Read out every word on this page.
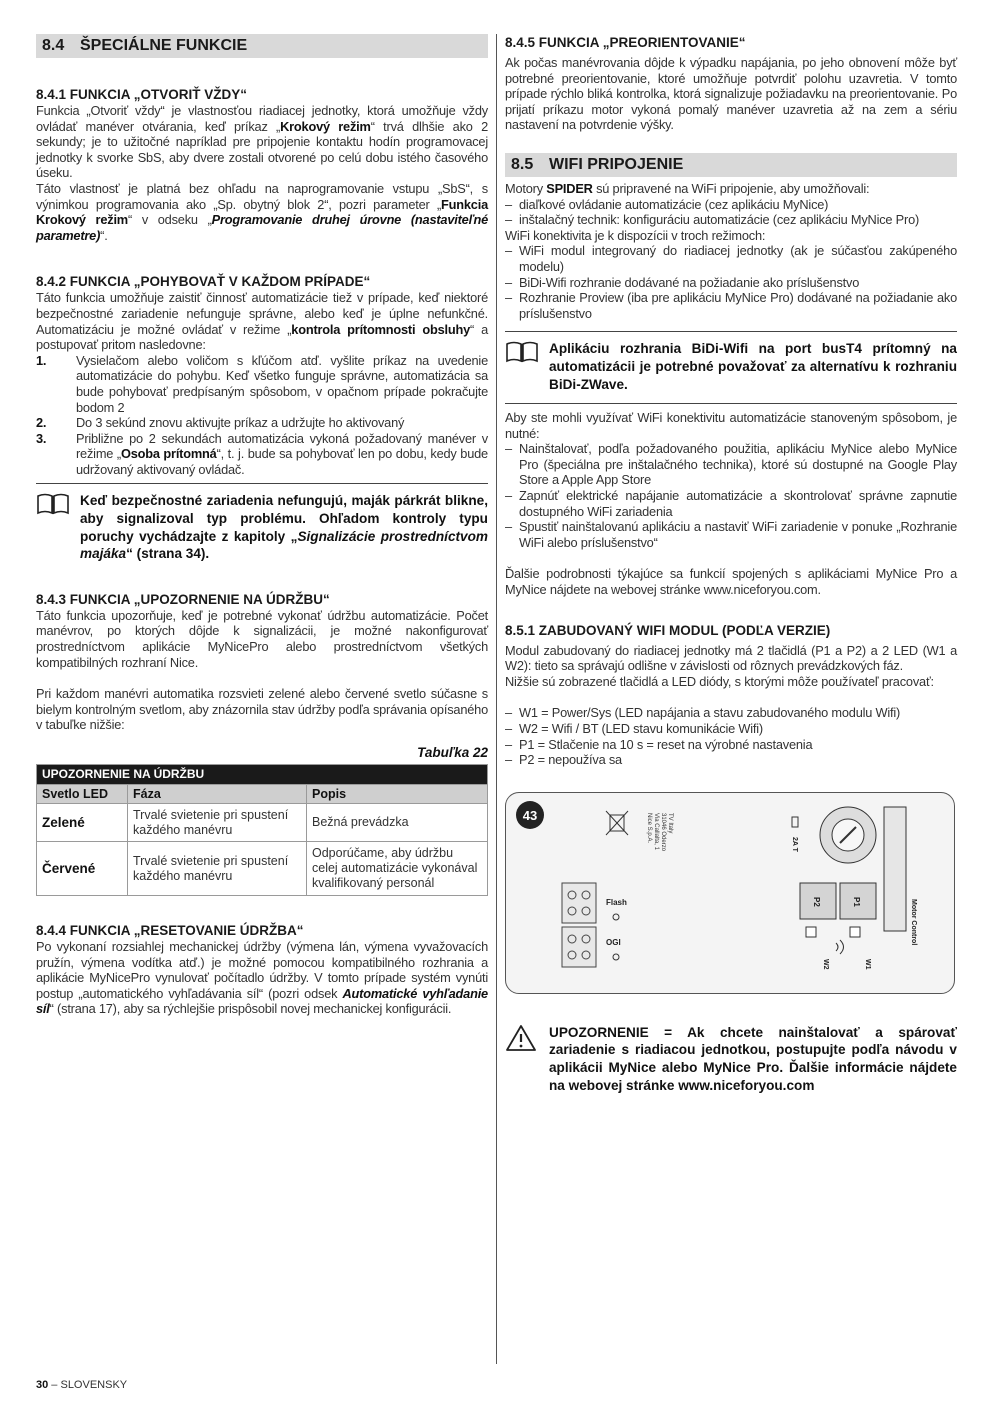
8.4 ŠPECIÁLNE FUNKCIE
8.4.1 FUNKCIA „OTVORIŤ VŽDY“

Funkcia „Otvoriť vždy“ je vlastnosťou riadiacej jednotky, ktorá umožňuje vždy ovládať manéver otvárania, keď príkaz „Krokový režim“ trvá dlhšie ako 2 sekundy; je to užitočné napríklad pre pripojenie kontaktu hodín programovacej jednotky k svorke SbS, aby dvere zostali otvorené po celú dobu istého časového úseku.

Táto vlastnosť je platná bez ohľadu na naprogramovanie vstupu „SbS“, s výnimkou programovania ako „Sp. obytný blok 2“, pozri parameter „Funkcia Krokový režim“ v odseku „Programovanie druhej úrovne (nastaviteľné parametre)“.

8.4.2 FUNKCIA „POHYBOVAŤ V KAŽDOM PRÍPADE“

Táto funkcia umožňuje zaistiť činnosť automatizácie tiež v prípade, keď niektoré bezpečnostné zariadenie nefunguje správne, alebo keď je úplne nefunkčné. Automatizáciu je možné ovládať v režime „kontrola prítomnosti obsluhy“ a postupovať pritom nasledovne:

1.	Vysielačom alebo voličom s kľúčom atď. vyšlite príkaz na uvedenie automatizácie do pohybu. Keď všetko funguje správne, automatizácia sa bude pohybovať predpísaným spôsobom, v opačnom prípade pokračujte bodom 2
2.	Do 3 sekúnd znovu aktivujte príkaz a udržujte ho aktivovaný
3.	Približne po 2 sekundách automatizácia vykoná požadovaný manéver v režime „Osoba prítomná“, t. j. bude sa pohybovať len po dobu, kedy bude udržovaný aktivovaný ovládač.
Keď bezpečnostné zariadenia nefungujú, maják párkrát blikne, aby signalizoval typ problému. Ohľadom kontroly typu poruchy vychádzajte z kapitoly „Signalizácie prostredníctvom majáka“ (strana 34).
8.4.3 FUNKCIA „UPOZORNENIE NA ÚDRŽBU“

Táto funkcia upozorňuje, keď je potrebné vykonať údržbu automatizácie. Počet manévrov, po ktorých dôjde k signalizácii, je možné nakonfigurovať prostredníctvom aplikácie MyNicePro alebo prostredníctvom všetkých kompatibilných rozhraní Nice.

Pri každom manévri automatika rozsvieti zelené alebo červené svetlo súčasne s bielym kontrolným svetlom, aby znázornila stav údržby podľa správania opísaného v tabuľke nižšie:

Tabuľka 22

UPOZORNENIE NA ÚDRŽBU		
Svetlo LED	Fáza	Popis
Zelené	Trvalé svietenie pri spustení každého manévru	Bežná prevádzka
Červené	Trvalé svietenie pri spustení každého manévru	Odporúčame, aby údržbu celej automatizácie vykonával kvalifikovaný personál
8.4.4 FUNKCIA „RESETOVANIE ÚDRŽBA“

Po vykonaní rozsiahlej mechanickej údržby (výmena lán, výmena vyvažovacích pružín, výmena vodítka atď.) je možné pomocou kompatibilného rozhrania a aplikácie MyNicePro vynulovať počítadlo údržby. V tomto prípade systém vynúti postup „automatického vyhľadávania síl“ (pozri odsek Automatické vyhľadanie síl“ (strana 17), aby sa rýchlejšie prispôsobil novej mechanickej konfigurácii.

8.4.5 FUNKCIA „PREORIENTOVANIE“

Ak počas manévrovania dôjde k výpadku napájania, po jeho obnovení môže byť potrebné preorientovanie, ktoré umožňuje potvrdiť polohu uzavretia. V tomto prípade rýchlo bliká kontrolka, ktorá signalizuje požiadavku na preorientovanie. Po prijatí príkazu motor vykoná pomalý manéver uzavretia až na zem a sériu nastavení na potvrdenie výšky.

8.5 WIFI PRIPOJENIE

Motory SPIDER sú pripravené na WiFi pripojenie, aby umožňovali:

– diaľkové ovládanie automatizácie (cez aplikáciu MyNice)
– inštalačný technik: konfiguráciu automatizácie (cez aplikáciu MyNice Pro)

WiFi konektivita je k dispozícii v troch režimoch:

– WiFi modul integrovaný do riadiacej jednotky (ak je súčasťou zakúpeného modelu)
– BiDi-Wifi rozhranie dodávané na požiadanie ako príslušenstvo
– Rozhranie Proview (iba pre aplikáciu MyNice Pro) dodávané na požiadanie ako príslušenstvo
Aplikáciu rozhrania BiDi-Wifi na port busT4 prítomný na automatizácii je potrebné považovať za alternatívu k rozhraniu BiDi-ZWave.

Aby ste mohli využívať WiFi konektivitu automatizácie stanoveným spôsobom, je nutné:

– Nainštalovať, podľa požadovaného použitia, aplikáciu MyNice alebo MyNice Pro (špeciálna pre inštalačného technika), ktoré sú dostupné na Google Play Store a Apple App Store
– Zapnúť elektrické napájanie automatizácie a skontrolovať správne zapnutie dostupného WiFi zariadenia
– Spustiť nainštalovanú aplikáciu a nastaviť WiFi zariadenie v ponuke „Rozhranie WiFi alebo príslušenstvo“

Ďalšie podrobnosti týkajúce sa funkcií spojených s aplikáciami MyNice Pro a MyNice nájdete na webovej stránke www.niceforyou.com.

8.5.1 ZABUDOVANÝ WIFI MODUL (PODĽA VERZIE)

Modul zabudovaný do riadiacej jednotky má 2 tlačidlá (P1 a P2) a 2 LED (W1 a W2): tieto sa správajú odlišne v závislosti od rôznych prevádzkových fáz.

Nižšie sú zobrazené tlačidlá a LED diódy, s ktorými môže používateľ pracovať:

– W1 = Power/Sys (LED napájania a stavu zabudovaného modulu Wifi)
– W2 = Wifi / BT (LED stavu komunikácie Wifi)
– P1 = Stlačenie na 10 s = reset na výrobné nastavenia
– P2 = nepoužíva sa
43
Flash
OGI
Nice S.p.A. Via Callalta, 1 31046 Oderzo TV Italy
2A T
Motor Control
P2	P1
W2	W1
UPOZORNENIE = Ak chcete nainštalovať a spárovať zariadenie s riadiacou jednotkou, postupujte podľa návodu v aplikácii MyNice alebo MyNice Pro. Ďalšie informácie nájdete na webovej stránke www.niceforyou.com
30 – SLOVENSKY
